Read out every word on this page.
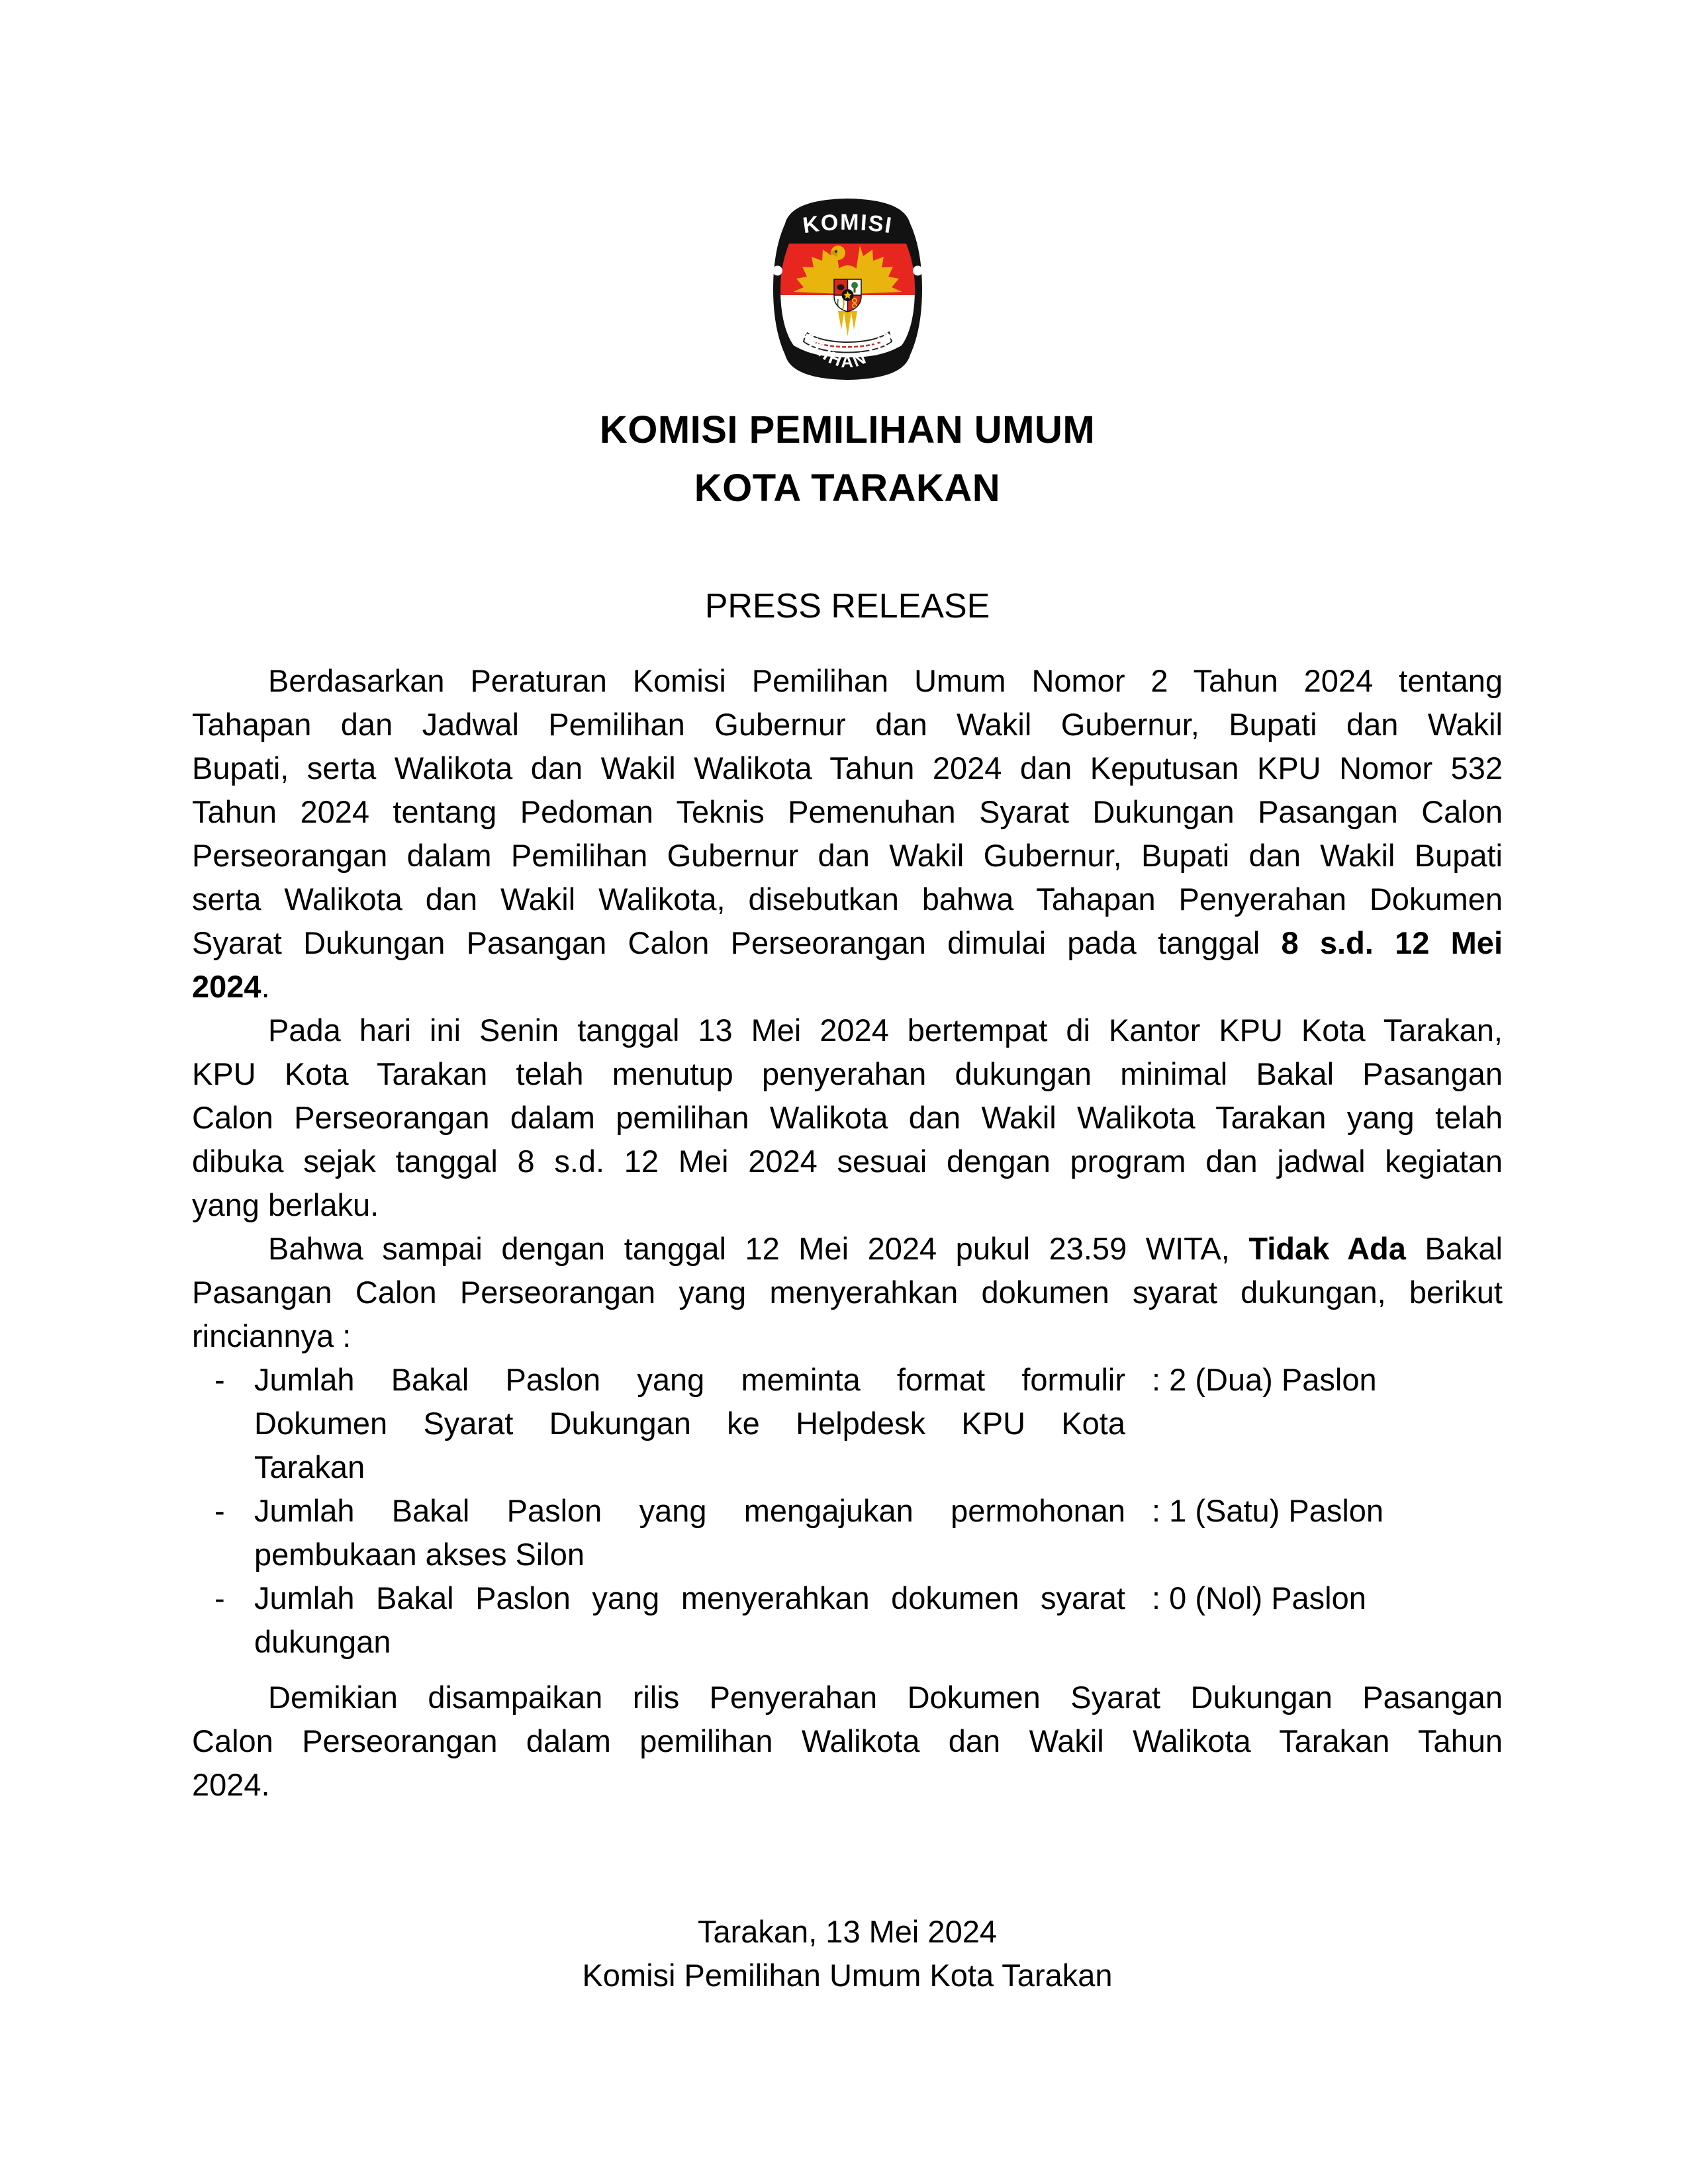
KOMISI
PEMILIHAN UMUM
KOMISI PEMILIHAN UMUM
KOTA TARAKAN
PRESS RELEASE
Berdasarkan Peraturan Komisi Pemilihan Umum Nomor 2 Tahun 2024 tentang
Tahapan dan Jadwal Pemilihan Gubernur dan Wakil Gubernur, Bupati dan Wakil
Bupati, serta Walikota dan Wakil Walikota Tahun 2024 dan Keputusan KPU Nomor 532
Tahun 2024 tentang Pedoman Teknis Pemenuhan Syarat Dukungan Pasangan Calon
Perseorangan dalam Pemilihan Gubernur dan Wakil Gubernur, Bupati dan Wakil Bupati
serta Walikota dan Wakil Walikota, disebutkan bahwa Tahapan Penyerahan Dokumen
Syarat Dukungan Pasangan Calon Perseorangan dimulai pada tanggal 8 s.d. 12 Mei
2024.
Pada hari ini Senin tanggal 13 Mei 2024 bertempat di Kantor KPU Kota Tarakan,
KPU Kota Tarakan telah menutup penyerahan dukungan minimal Bakal Pasangan
Calon Perseorangan dalam pemilihan Walikota dan Wakil Walikota Tarakan yang telah
dibuka sejak tanggal 8 s.d. 12 Mei 2024 sesuai dengan program dan jadwal kegiatan
yang berlaku.
Bahwa sampai dengan tanggal 12 Mei 2024 pukul 23.59 WITA, Tidak Ada Bakal
Pasangan Calon Perseorangan yang menyerahkan dokumen syarat dukungan, berikut
rinciannya :
- Jumlah Bakal Paslon yang meminta format formulir
Dokumen Syarat Dukungan ke Helpdesk KPU Kota
Tarakan
: 2 (Dua) Paslon
- Jumlah Bakal Paslon yang mengajukan permohonan
pembukaan akses Silon
: 1 (Satu) Paslon
- Jumlah Bakal Paslon yang menyerahkan dokumen syarat
dukungan
: 0 (Nol) Paslon
Demikian disampaikan rilis Penyerahan Dokumen Syarat Dukungan Pasangan
Calon Perseorangan dalam pemilihan Walikota dan Wakil Walikota Tarakan Tahun
2024.
Tarakan, 13 Mei 2024
Komisi Pemilihan Umum Kota Tarakan
